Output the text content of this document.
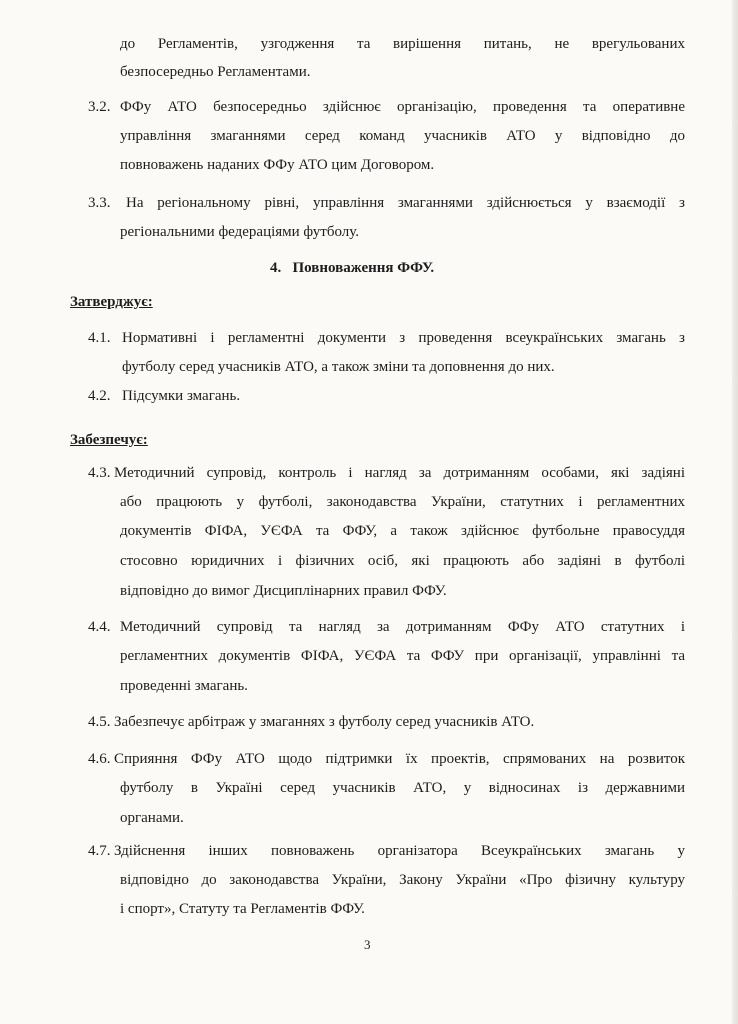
до Регламентів, узгодження та вирішення питань, не врегульованих
безпосередньо Регламентами.
3.2. ФФу АТО безпосередньо здійснює організацію, проведення та оперативне
управління змаганнями серед команд учасників АТО у відповідно до
повноважень наданих ФФу АТО цим Договором.
3.3. На регіональному рівні, управління змаганнями здійснюється у взаємодії з
регіональними федераціями футболу.
4. Повноваження ФФУ.
Затверджує:
4.1. Нормативні і регламентні документи з проведення всеукраїнських змагань з
футболу серед учасників АТО, а також зміни та доповнення до них.
4.2. Підсумки змагань.
Забезпечує:
4.3. Методичний супровід, контроль і нагляд за дотриманням особами, які задіяні
або працюють у футболі, законодавства України, статутних і регламентних
документів ФІФА, УЄФА та ФФУ, а також здійснює футбольне правосуддя
стосовно юридичних і фізичних осіб, які працюють або задіяні в футболі
відповідно до вимог Дисциплінарних правил ФФУ.
4.4. Методичний супровід та нагляд за дотриманням ФФу АТО статутних і
регламентних документів ФІФА, УЄФА та ФФУ при організації, управлінні та
проведенні змагань.
4.5. Забезпечує арбітраж у змаганнях з футболу серед учасників АТО.
4.6. Сприяння ФФу АТО щодо підтримки їх проектів, спрямованих на розвиток
футболу в Україні серед учасників АТО, у відносинах із державними
органами.
4.7. Здійснення інших повноважень організатора Всеукраїнських змагань у
відповідно до законодавства України, Закону України «Про фізичну культуру
і спорт», Статуту та Регламентів ФФУ.
3
